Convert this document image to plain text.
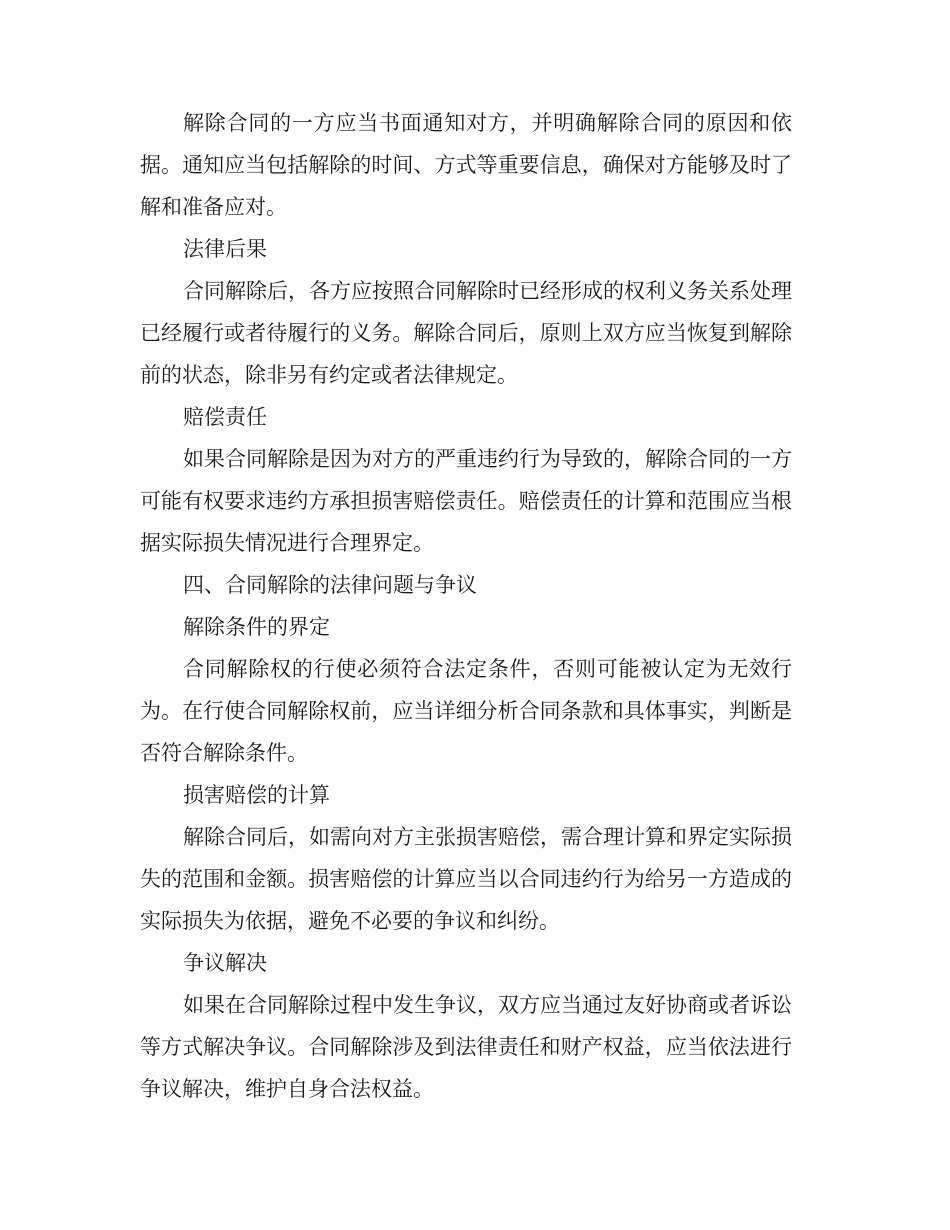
解除合同的一方应当书面通知对方，并明确解除合同的原因和依据。通知应当包括解除的时间、方式等重要信息，确保对方能够及时了解和准备应对。

法律后果

合同解除后，各方应按照合同解除时已经形成的权利义务关系处理已经履行或者待履行的义务。解除合同后，原则上双方应当恢复到解除前的状态，除非另有约定或者法律规定。

赔偿责任

如果合同解除是因为对方的严重违约行为导致的，解除合同的一方可能有权要求违约方承担损害赔偿责任。赔偿责任的计算和范围应当根据实际损失情况进行合理界定。

四、合同解除的法律问题与争议

解除条件的界定

合同解除权的行使必须符合法定条件，否则可能被认定为无效行为。在行使合同解除权前，应当详细分析合同条款和具体事实，判断是否符合解除条件。

损害赔偿的计算

解除合同后，如需向对方主张损害赔偿，需合理计算和界定实际损失的范围和金额。损害赔偿的计算应当以合同违约行为给另一方造成的实际损失为依据，避免不必要的争议和纠纷。

争议解决

如果在合同解除过程中发生争议，双方应当通过友好协商或者诉讼等方式解决争议。合同解除涉及到法律责任和财产权益，应当依法进行争议解决，维护自身合法权益。
